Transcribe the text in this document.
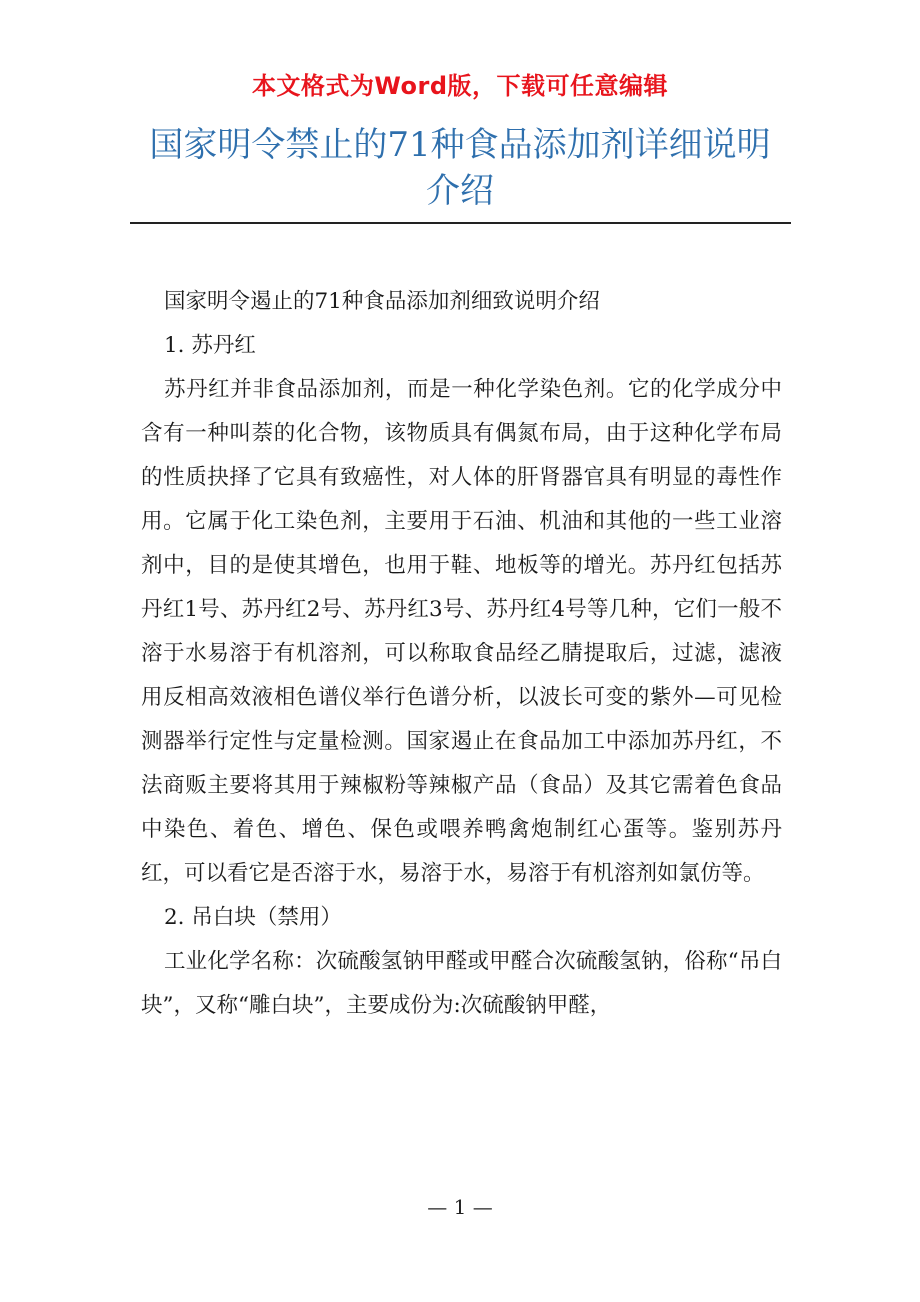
本文格式为Word版，下载可任意编辑
国家明令禁止的71种食品添加剂详细说明
介绍

国家明令遏止的71种食品添加剂细致说明介绍

1. 苏丹红

苏丹红并非食品添加剂，而是一种化学染色剂。它的化学成分中含有一种叫萘的化合物，该物质具有偶氮布局，由于这种化学布局的性质抉择了它具有致癌性，对人体的肝肾器官具有明显的毒性作用。它属于化工染色剂，主要用于石油、机油和其他的一些工业溶剂中，目的是使其增色，也用于鞋、地板等的增光。苏丹红包括苏丹红1号、苏丹红2号、苏丹红3号、苏丹红4号等几种，它们一般不溶于水易溶于有机溶剂，可以称取食品经乙腈提取后，过滤，滤液用反相高效液相色谱仪举行色谱分析，以波长可变的紫外—可见检测器举行定性与定量检测。国家遏止在食品加工中添加苏丹红，不法商贩主要将其用于辣椒粉等辣椒产品（食品）及其它需着色食品中染色、着色、增色、保色或喂养鸭禽炮制红心蛋等。鉴别苏丹红，可以看它是否溶于水，易溶于水，易溶于有机溶剂如氯仿等。

2. 吊白块（禁用）

工业化学名称：次硫酸氢钠甲醛或甲醛合次硫酸氢钠，俗称“吊白块”，又称“雕白块”，主要成份为:次硫酸钠甲醛，

— 1 —
